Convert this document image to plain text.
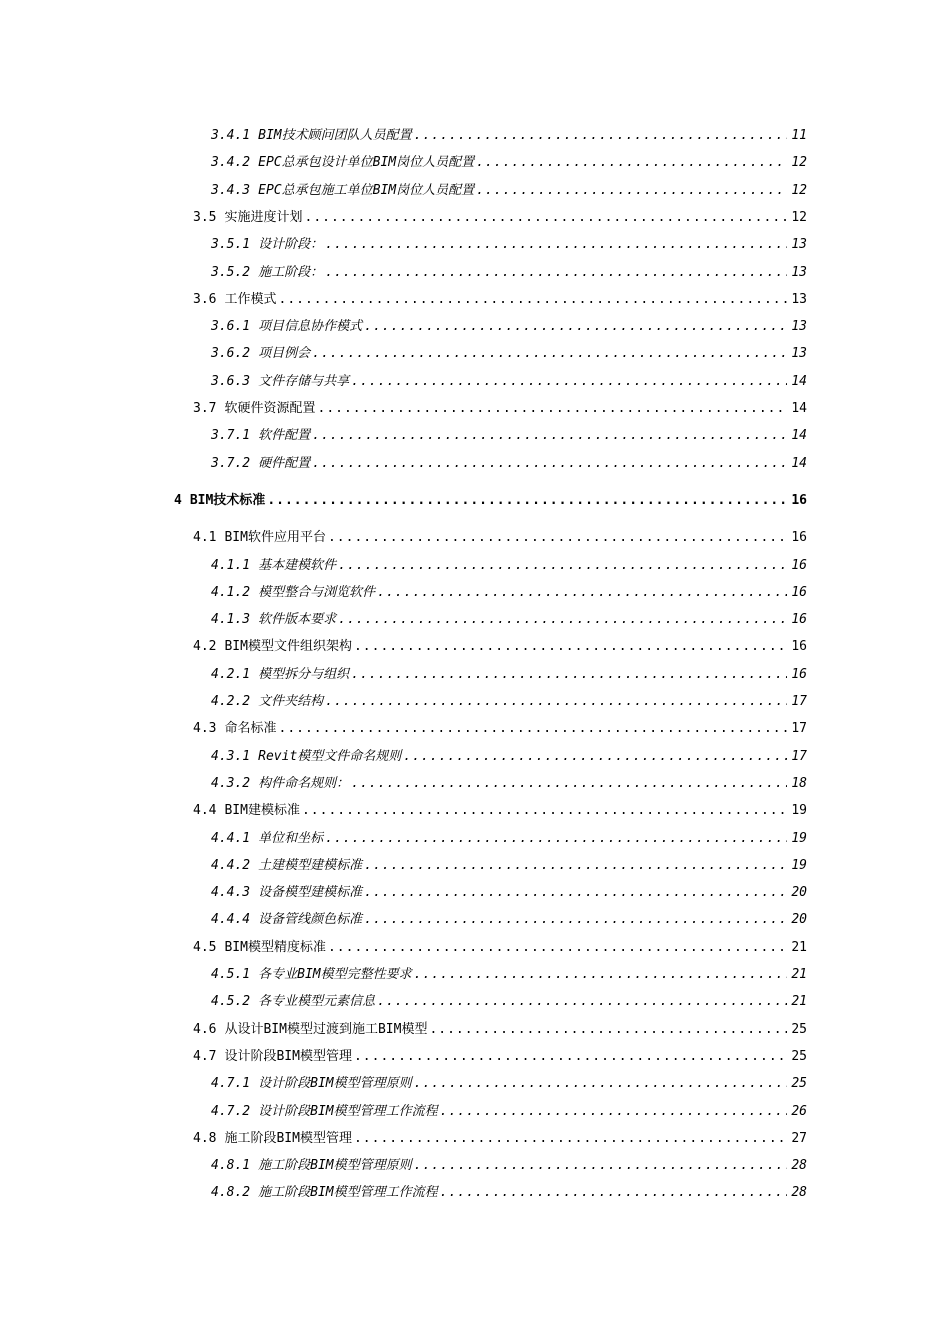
3.4.1 BIM技术顾问团队人员配置 .....	11
3.4.2 EPC总承包设计单位BIM岗位人员配置 .....	12
3.4.3 EPC总承包施工单位BIM岗位人员配置 .....	12
3.5 实施进度计划 .....	12
3.5.1 设计阶段： .....	13
3.5.2 施工阶段： .....	13
3.6 工作模式 .....	13
3.6.1 项目信息协作模式 .....	13
3.6.2 项目例会 .....	13
3.6.3 文件存储与共享 .....	14
3.7 软硬件资源配置 .....	14
3.7.1 软件配置 .....	14
3.7.2 硬件配置 .....	14
4 BIM技术标准 .....	16
4.1 BIM软件应用平台 .....	16
4.1.1 基本建模软件 .....	16
4.1.2 模型整合与浏览软件 .....	16
4.1.3 软件版本要求 .....	16
4.2 BIM模型文件组织架构 .....	16
4.2.1 模型拆分与组织 .....	16
4.2.2 文件夹结构 .....	17
4.3 命名标准 .....	17
4.3.1 Revit模型文件命名规则 .....	17
4.3.2 构件命名规则： .....	18
4.4 BIM建模标准 .....	19
4.4.1 单位和坐标 .....	19
4.4.2 土建模型建模标准 .....	19
4.4.3 设备模型建模标准 .....	20
4.4.4 设备管线颜色标准 .....	20
4.5 BIM模型精度标准 .....	21
4.5.1 各专业BIM模型完整性要求 .....	21
4.5.2 各专业模型元素信息 .....	21
4.6 从设计BIM模型过渡到施工BIM模型 .....	25
4.7 设计阶段BIM模型管理 .....	25
4.7.1 设计阶段BIM模型管理原则 .....	25
4.7.2 设计阶段BIM模型管理工作流程 .....	26
4.8 施工阶段BIM模型管理 .....	27
4.8.1 施工阶段BIM模型管理原则 .....	28
4.8.2 施工阶段BIM模型管理工作流程 .....	28
